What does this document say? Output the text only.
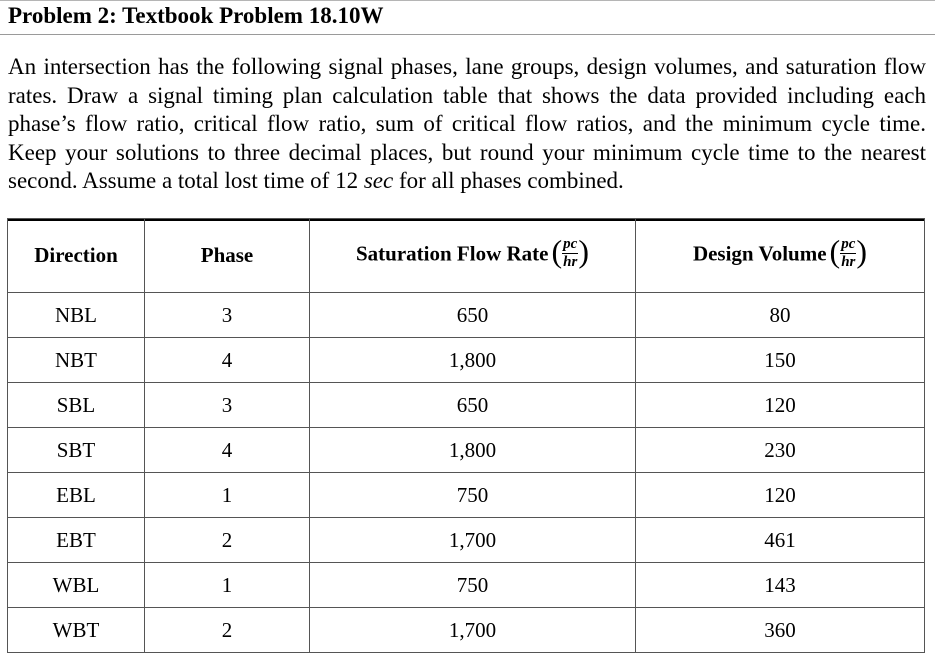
Problem 2: Textbook Problem 18.10W
An intersection has the following signal phases, lane groups, design volumes, and saturation flow rates. Draw a signal timing plan calculation table that shows the data provided including each phase’s flow ratio, critical flow ratio, sum of critical flow ratios, and the minimum cycle time. Keep your solutions to three decimal places, but round your minimum cycle time to the nearest second. Assume a total lost time of 12 sec for all phases combined.
Direction	Phase	Saturation Flow Rate( $\frac{pc}{hr}$ )	Design Volume( $\frac{pc}{hr}$ )
NBL	3	650	80
NBT	4	1,800	150
SBL	3	650	120
SBT	4	1,800	230
EBL	1	750	120
EBT	2	1,700	461
WBL	1	750	143
WBT	2	1,700	360
